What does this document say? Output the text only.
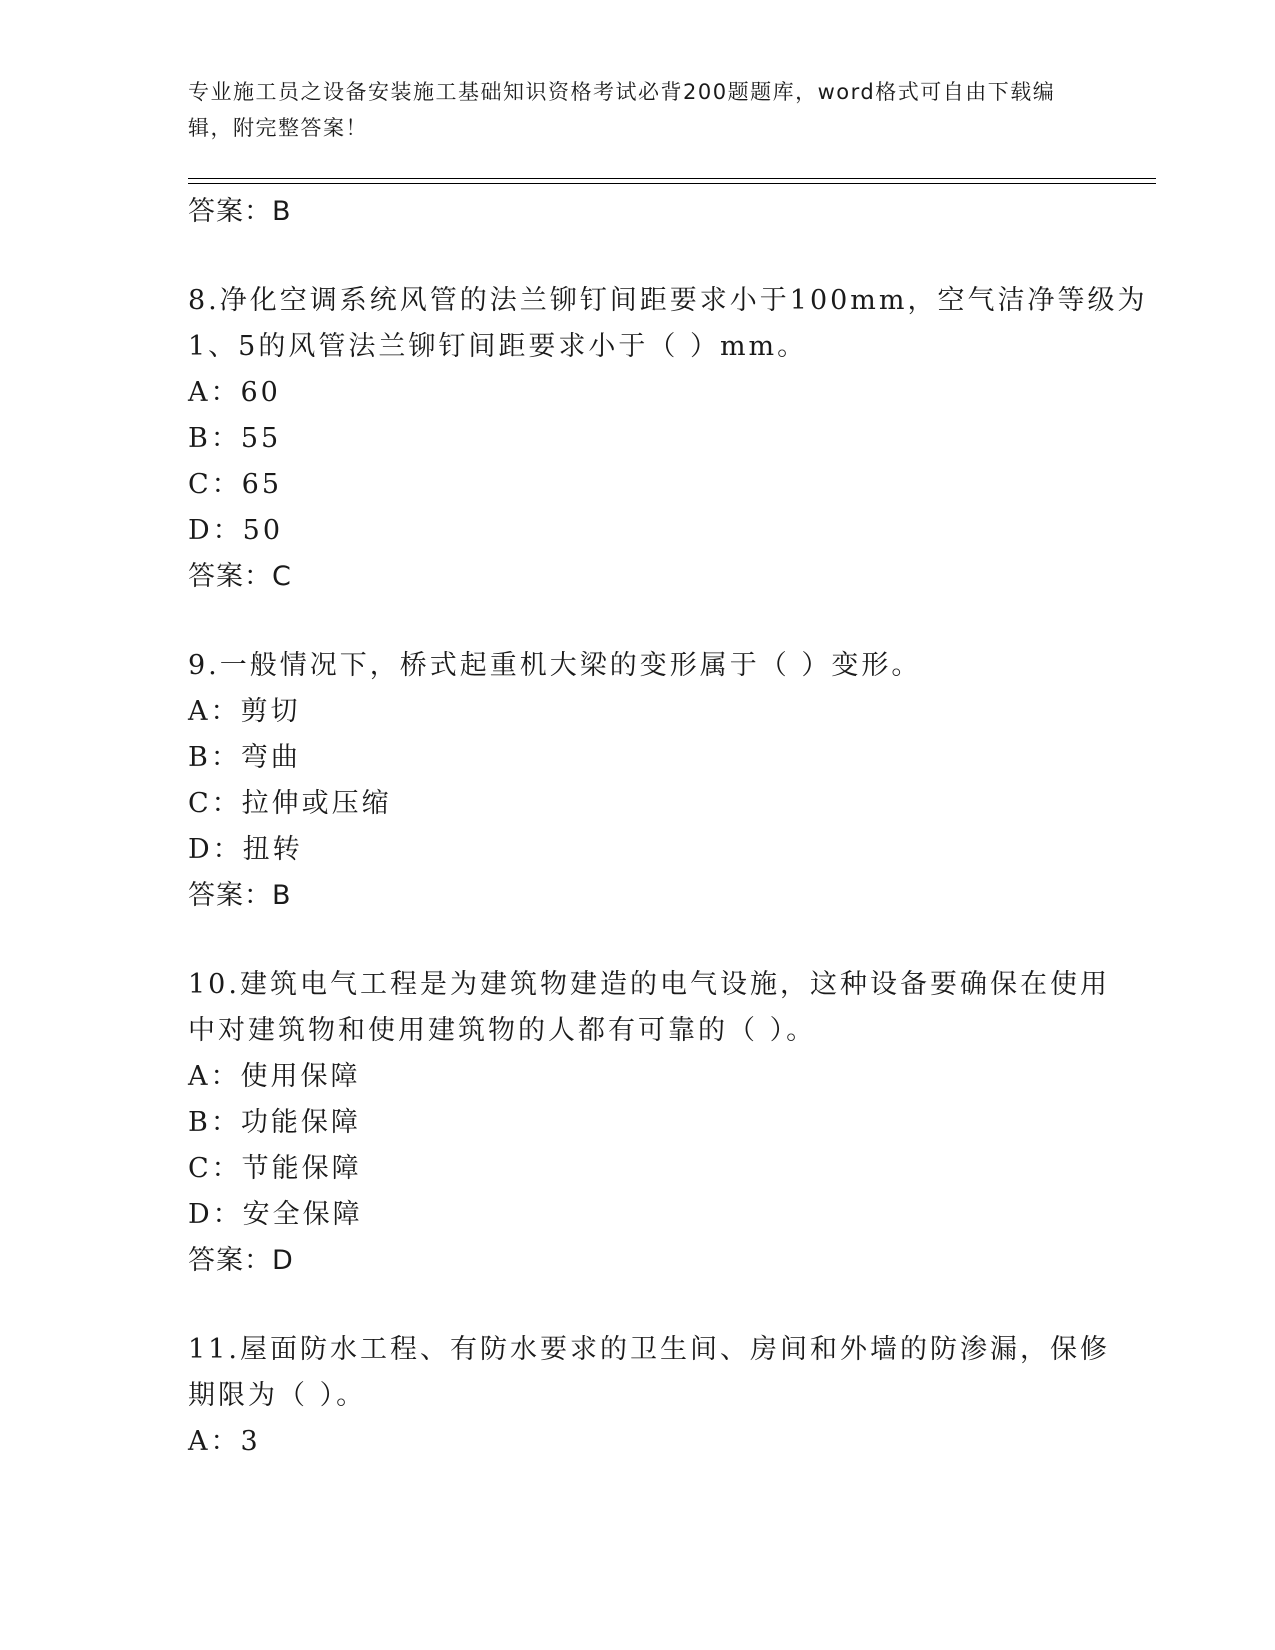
专业施工员之设备安装施工基础知识资格考试必背200题题库，word格式可自由下载编辑，附完整答案！

答案：B
8.净化空调系统风管的法兰铆钉间距要求小于100mm，空气洁净等级为
1、5的风管法兰铆钉间距要求小于（ ）mm。
A：60
B：55
C：65
D：50
答案：C
9.一般情况下，桥式起重机大梁的变形属于（ ）变形。
A：剪切
B：弯曲
C：拉伸或压缩
D：扭转
答案：B
10.建筑电气工程是为建筑物建造的电气设施，这种设备要确保在使用
中对建筑物和使用建筑物的人都有可靠的（ ）。
A：使用保障
B：功能保障
C：节能保障
D：安全保障
答案：D
11.屋面防水工程、有防水要求的卫生间、房间和外墙的防渗漏，保修
期限为（ ）。
A：3
